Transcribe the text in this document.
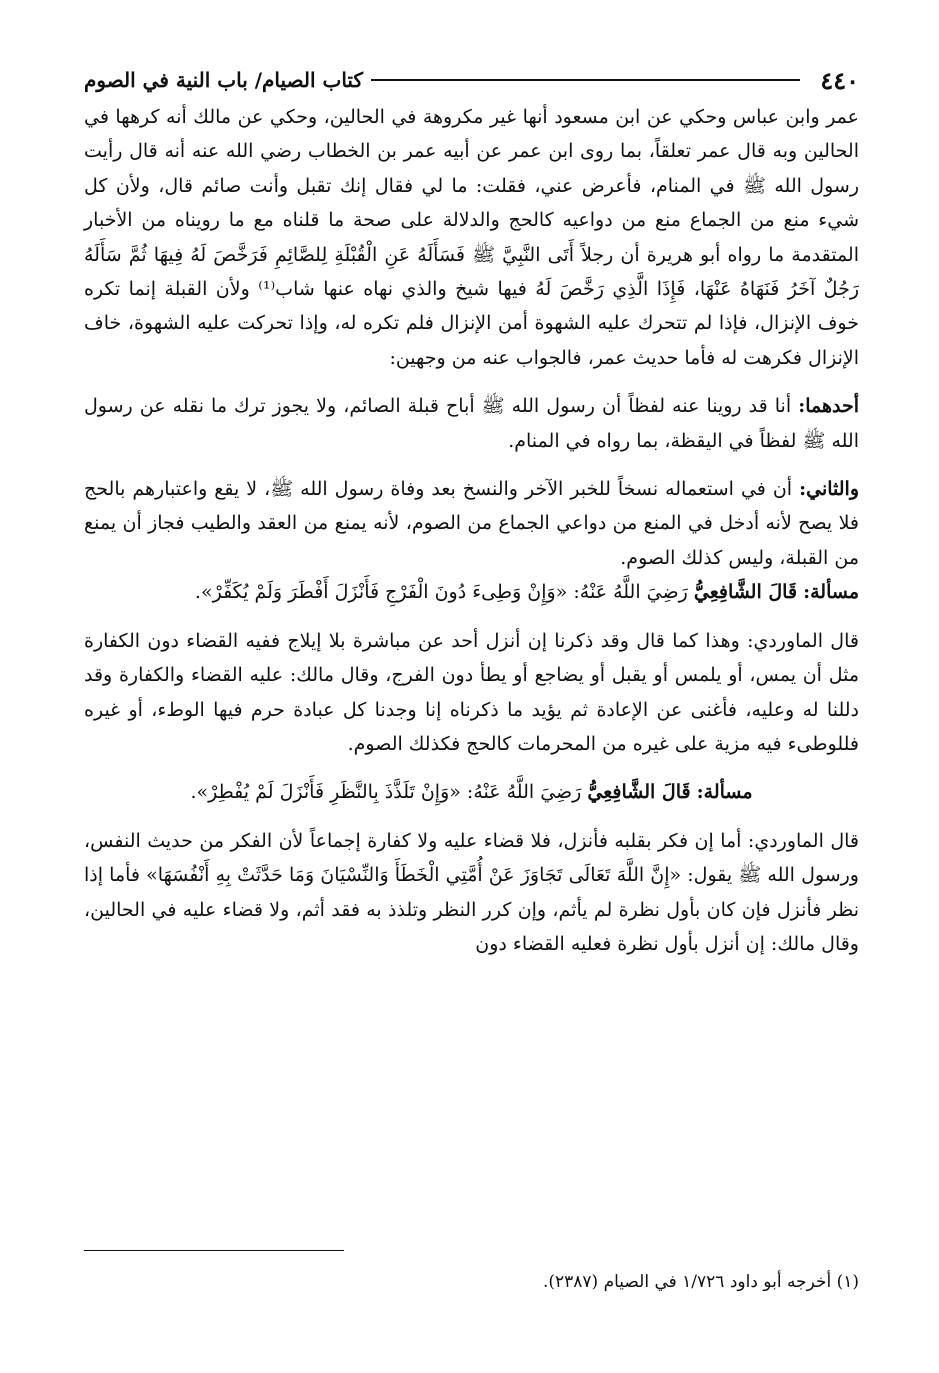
٤٤٠
كتاب الصيام/ باب النية في الصوم

عمر وابن عباس وحكي عن ابن مسعود أنها غير مكروهة في الحالين، وحكي عن مالك أنه كرهها في الحالين وبه قال عمر تعلقاً، بما روى ابن عمر عن أبيه عمر بن الخطاب رضي الله عنه أنه قال رأيت رسول الله ﷺ في المنام، فأعرض عني، فقلت: ما لي فقال إنك تقبل وأنت صائم قال، ولأن كل شيء منع من الجماع منع من دواعيه كالحج والدلالة على صحة ما قلناه مع ما رويناه من الأخبار المتقدمة ما رواه أبو هريرة أن رجلاً أَتَى النَّبِيَّ ﷺ فَسَأَلَهُ عَنِ الْقُبْلَةِ لِلصَّائِمِ فَرَخَّصَ لَهُ فِيهَا ثُمَّ سَأَلَهُ رَجُلٌ آخَرُ فَنَهَاهُ عَنْهَا، فَإِذَا الَّذِي رَخَّصَ لَهُ فيها شيخ والذي نهاه عنها شاب⁽¹⁾ ولأن القبلة إنما تكره خوف الإنزال، فإذا لم تتحرك عليه الشهوة أمن الإنزال فلم تكره له، وإذا تحركت عليه الشهوة، خاف الإنزال فكرهت له فأما حديث عمر، فالجواب عنه من وجهين:

أحدهما: أنا قد روينا عنه لفظاً أن رسول الله ﷺ أباح قبلة الصائم، ولا يجوز ترك ما نقله عن رسول الله ﷺ لفظاً في اليقظة، بما رواه في المنام.

والثاني: أن في استعماله نسخاً للخبر الآخر والنسخ بعد وفاة رسول الله ﷺ، لا يقع واعتبارهم بالحج فلا يصح لأنه أدخل في المنع من دواعي الجماع من الصوم، لأنه يمنع من العقد والطيب فجاز أن يمنع من القبلة، وليس كذلك الصوم.

مسألة: قَالَ الشَّافِعِيُّ رَضِيَ اللَّهُ عَنْهُ: «وَإِنْ وَطِىءَ دُونَ الْفَرْجِ فَأَنْزَلَ أَفْطَرَ وَلَمْ يُكَفِّرْ».

قال الماوردي: وهذا كما قال وقد ذكرنا إن أنزل أحد عن مباشرة بلا إيلاج ففيه القضاء دون الكفارة مثل أن يمس، أو يلمس أو يقبل أو يضاجع أو يطأ دون الفرج، وقال مالك: عليه القضاء والكفارة وقد دللنا له وعليه، فأغنى عن الإعادة ثم يؤيد ما ذكرناه إنا وجدنا كل عبادة حرم فيها الوطء، أو غيره فللوطىء فيه مزية على غيره من المحرمات كالحج فكذلك الصوم.

مسألة: قَالَ الشَّافِعِيُّ رَضِيَ اللَّهُ عَنْهُ: «وَإِنْ تَلَذَّذَ بِالنَّظَرِ فَأَنْزَلَ لَمْ يُفْطِرْ».

قال الماوردي: أما إن فكر بقلبه فأنزل، فلا قضاء عليه ولا كفارة إجماعاً لأن الفكر من حديث النفس، ورسول الله ﷺ يقول: «إِنَّ اللَّهَ تَعَالَى تَجَاوَزَ عَنْ أُمَّتِي الْخَطَأَ وَالنِّسْيَانَ وَمَا حَدَّثَتْ بِهِ أَنْفُسَهَا» فأما إذا نظر فأنزل فإن كان بأول نظرة لم يأثم، وإن كرر النظر وتلذذ به فقد أثم، ولا قضاء عليه في الحالين، وقال مالك: إن أنزل بأول نظرة فعليه القضاء دون

(١) أخرجه أبو داود ١/٧٢٦ في الصيام (٢٣٨٧).
